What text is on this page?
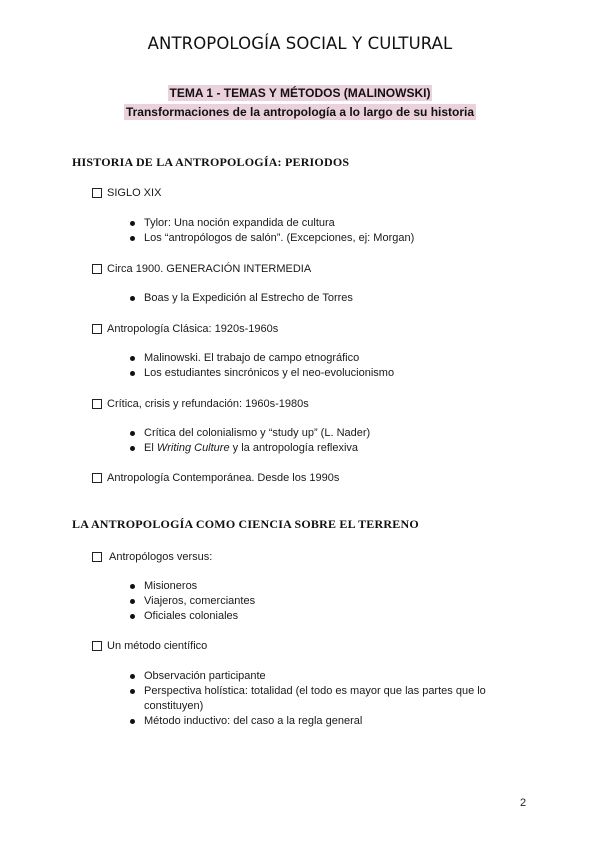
ANTROPOLOGÍA SOCIAL Y CULTURAL
TEMA 1 - TEMAS Y MÉTODOS (MALINOWSKI)
Transformaciones de la antropología a lo largo de su historia
HISTORIA DE LA ANTROPOLOGÍA: PERIODOS
SIGLO XIX
Tylor: Una noción expandida de cultura
Los “antropólogos de salón”. (Excepciones, ej: Morgan)
Circa 1900. GENERACIÓN INTERMEDIA
Boas y la Expedición al Estrecho de Torres
Antropología Clásica: 1920s-1960s
Malinowski. El trabajo de campo etnográfico
Los estudiantes sincrónicos y el neo-evolucionismo
Crítica, crisis y refundación: 1960s-1980s
Crítica del colonialismo y “study up” (L. Nader)
El Writing Culture y la antropología reflexiva
Antropología Contemporánea. Desde los 1990s
LA ANTROPOLOGÍA COMO CIENCIA SOBRE EL TERRENO
Antropólogos versus:
Misioneros
Viajeros, comerciantes
Oficiales coloniales
Un método científico
Observación participante
Perspectiva holística: totalidad (el todo es mayor que las partes que lo
constituyen)
Método inductivo: del caso a la regla general
2
